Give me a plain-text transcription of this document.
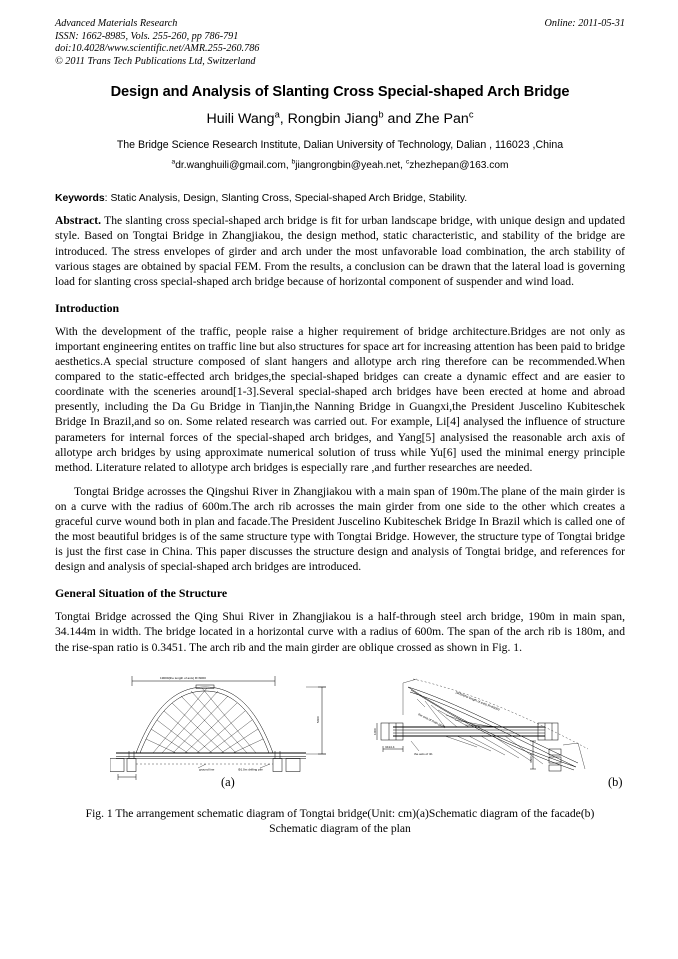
Advanced Materials Research	Online: 2011-05-31
ISSN: 1662-8985, Vols. 255-260, pp 786-791
doi:10.4028/www.scientific.net/AMR.255-260.786
© 2011 Trans Tech Publications Ltd, Switzerland
Design and Analysis of Slanting Cross Special-shaped Arch Bridge
Huili Wang$^a$, Rongbin Jiang$^b$ and Zhe Pan$^c$
The Bridge Science Research Institute, Dalian University of Technology, Dalian , 116023 ,China
$^a$dr.wanghuili@gmail.com, $^b$jiangrongbin@yeah.net, $^c$zhezhepan@163.com
Keywords: Static Analysis, Design, Slanting Cross, Special-shaped Arch Bridge, Stability.

Abstract. The slanting cross special-shaped arch bridge is fit for urban landscape bridge, with unique design and updated style. Based on Tongtai Bridge in Zhangjiakou, the design method, static characteristic, and stability of the bridge are introduced. The stress envelopes of girder and arch under the most unfavorable load combination, the arch stability of various stages are obtained by spacial FEM. From the results, a conclusion can be drawn that the lateral load is governing load for slanting cross special-shaped arch bridge because of horizontal component of suspender and wind load.

Introduction

With the development of the traffic, people raise a higher requirement of bridge architecture.Bridges are not only as important engineering entites on traffic line but also structures for space art for increasing attention has been paid to bridge aesthetics.A special structure composed of slant hangers and allotype arch ring therefore can be recommended.When compared to the static-effected arch bridges,the special-shaped bridges can create a dynamic effect and are easier to coordinate with the sceneries around[1-3].Several special-shaped arch bridges have been erected at home and abroad presently, including the Da Gu Bridge in Tianjin,the Nanning Bridge in Guangxi,the President Juscelino Kubiteschek Bridge In Brazil,and so on. Some related research was carried out. For example, Li[4] analysed the influence of structure parameters for internal forces of the special-shaped arch bridges, and Yang[5] analysised the reasonable arch axis of allotype arch bridges by using approximate numerical solution of truss while Yu[6] used the minimal energy principle method. Literature related to allotype arch bridges is especially rare ,and further researches are needed.

Tongtai Bridge acrosses the Qingshui River in Zhangjiakou with a main span of 190m.The plane of the main girder is on a curve with the radius of 600m.The arch rib acrosses the main girder from one side to the other which creates a graceful curve wound both in plan and facade.The President Juscelino Kubiteschek Bridge In Brazil which is called one of the most beautiful bridges is of the same structure type with Tongtai Bridge. However, the structure type of Tongtai bridge is just the first case in China. This paper discusses the structure design and analysis of Tongtai bridge, and references for design and analysis of special-shaped arch bridges are introduced.

General Situation of the Structure

Tongtai Bridge acrossed the Qing Shui River in Zhangjiakou is a half-through steel arch bridge, 190m in main span, 34.144m in width. The bridge located in a horizontal curve with a radius of 600m. The span of the arch rib is 180m, and the rise-span ratio is 0.3451. The arch rib and the main girder are oblique crossed as shown in Fig. 1.

19000(the length of axis) R=6000
ground line	Φ1.0m drilling pile
5400
19000(the length of axis) R=60000
1000
3414.4
the axis of main girder
the axis of rib	3300.2
(a)	(b)
Fig. 1 The arrangement schematic diagram of Tongtai bridge(Unit: cm)(a)Schematic diagram of the facade(b) Schematic diagram of the plan
